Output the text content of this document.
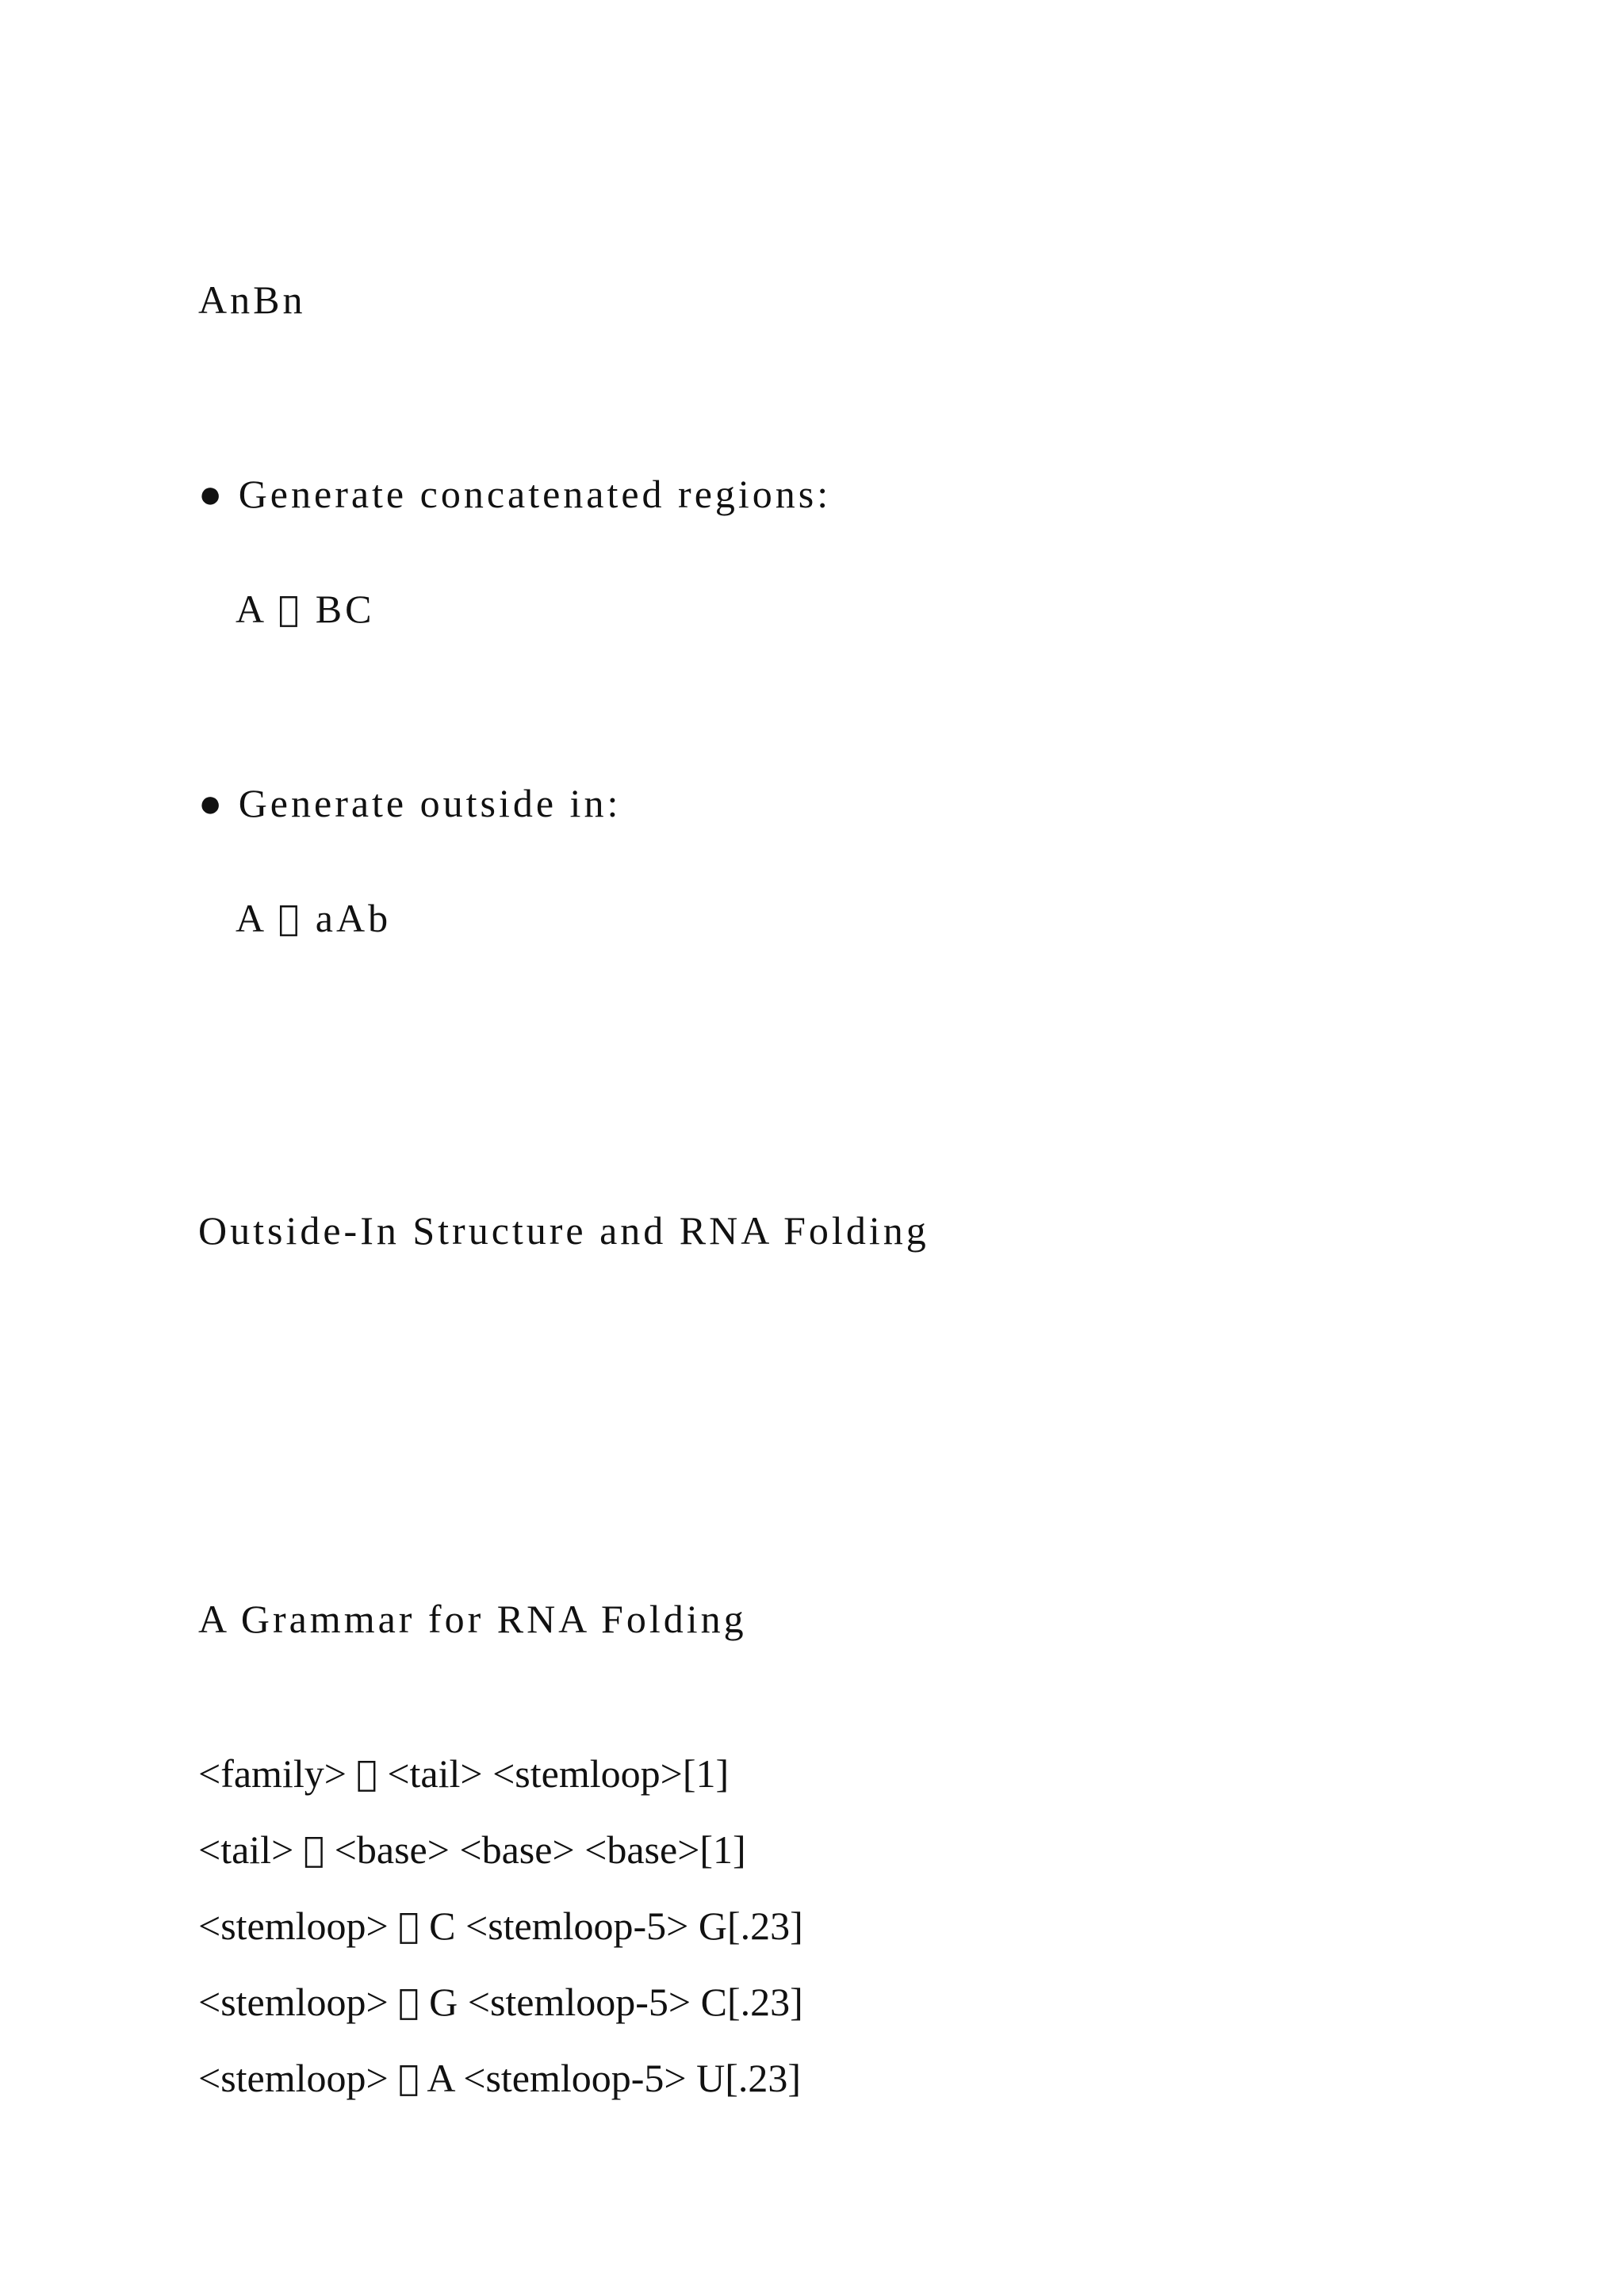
AnBn

● Generate concatenated regions:

A   BC

● Generate outside in:

A   aAb

Outside-In Structure and RNA Folding

A Grammar for RNA Folding

<family>   <tail> <stemloop>[1]

<tail>   <base> <base> <base>[1]

<stemloop>   C <stemloop-5> G[.23]

<stemloop>   G <stemloop-5> C[.23]

<stemloop>   A <stemloop-5> U[.23]
